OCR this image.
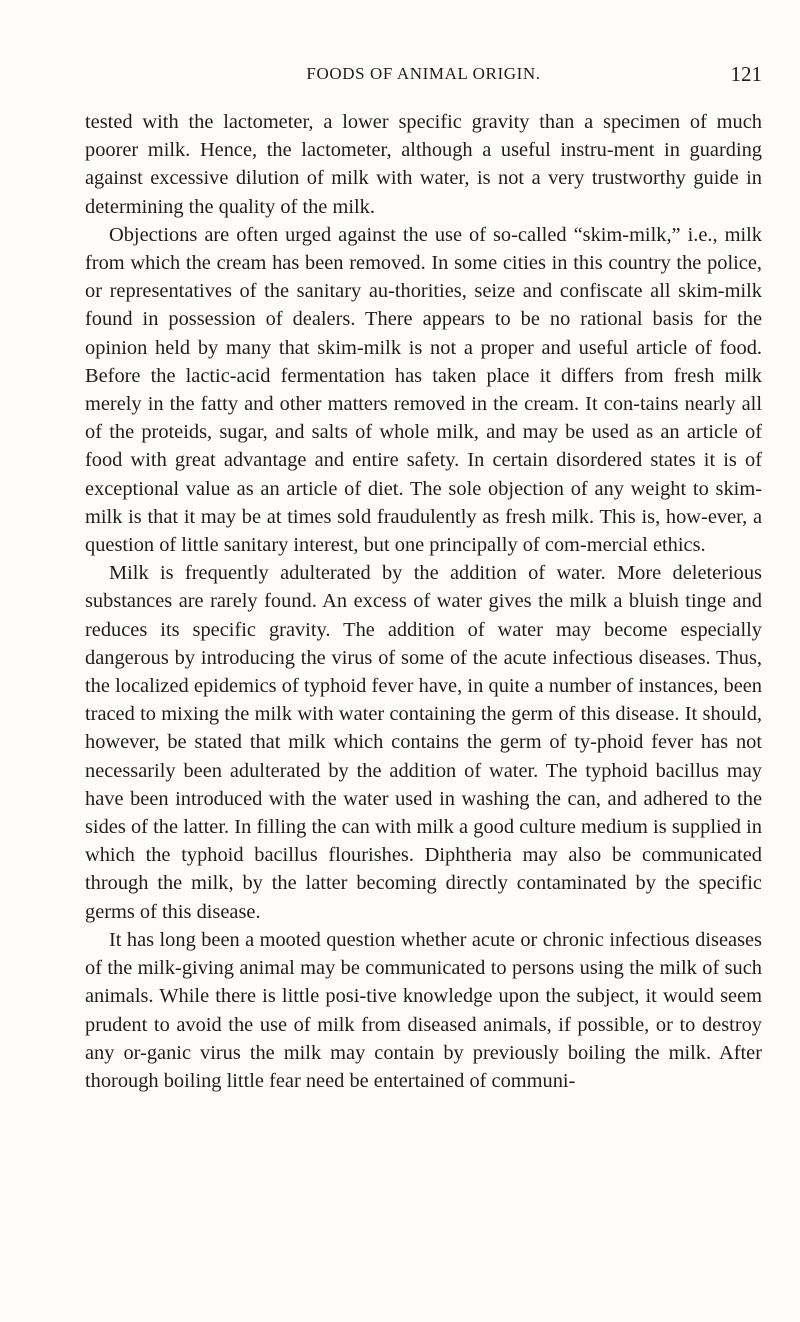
FOODS OF ANIMAL ORIGIN.	121

tested with the lactometer, a lower specific gravity than a specimen of much poorer milk. Hence, the lactometer, although a useful instru-ment in guarding against excessive dilution of milk with water, is not a very trustworthy guide in determining the quality of the milk.

Objections are often urged against the use of so-called “skim-milk,” i.e., milk from which the cream has been removed. In some cities in this country the police, or representatives of the sanitary au-thorities, seize and confiscate all skim-milk found in possession of dealers. There appears to be no rational basis for the opinion held by many that skim-milk is not a proper and useful article of food. Before the lactic-acid fermentation has taken place it differs from fresh milk merely in the fatty and other matters removed in the cream. It con-tains nearly all of the proteids, sugar, and salts of whole milk, and may be used as an article of food with great advantage and entire safety. In certain disordered states it is of exceptional value as an article of diet. The sole objection of any weight to skim-milk is that it may be at times sold fraudulently as fresh milk. This is, how-ever, a question of little sanitary interest, but one principally of com-mercial ethics.

Milk is frequently adulterated by the addition of water. More deleterious substances are rarely found. An excess of water gives the milk a bluish tinge and reduces its specific gravity. The addition of water may become especially dangerous by introducing the virus of some of the acute infectious diseases. Thus, the localized epidemics of typhoid fever have, in quite a number of instances, been traced to mixing the milk with water containing the germ of this disease. It should, however, be stated that milk which contains the germ of ty-phoid fever has not necessarily been adulterated by the addition of water. The typhoid bacillus may have been introduced with the water used in washing the can, and adhered to the sides of the latter. In filling the can with milk a good culture medium is supplied in which the typhoid bacillus flourishes. Diphtheria may also be communicated through the milk, by the latter becoming directly contaminated by the specific germs of this disease.

It has long been a mooted question whether acute or chronic infectious diseases of the milk-giving animal may be communicated to persons using the milk of such animals. While there is little posi-tive knowledge upon the subject, it would seem prudent to avoid the use of milk from diseased animals, if possible, or to destroy any or-ganic virus the milk may contain by previously boiling the milk. After thorough boiling little fear need be entertained of communi-
